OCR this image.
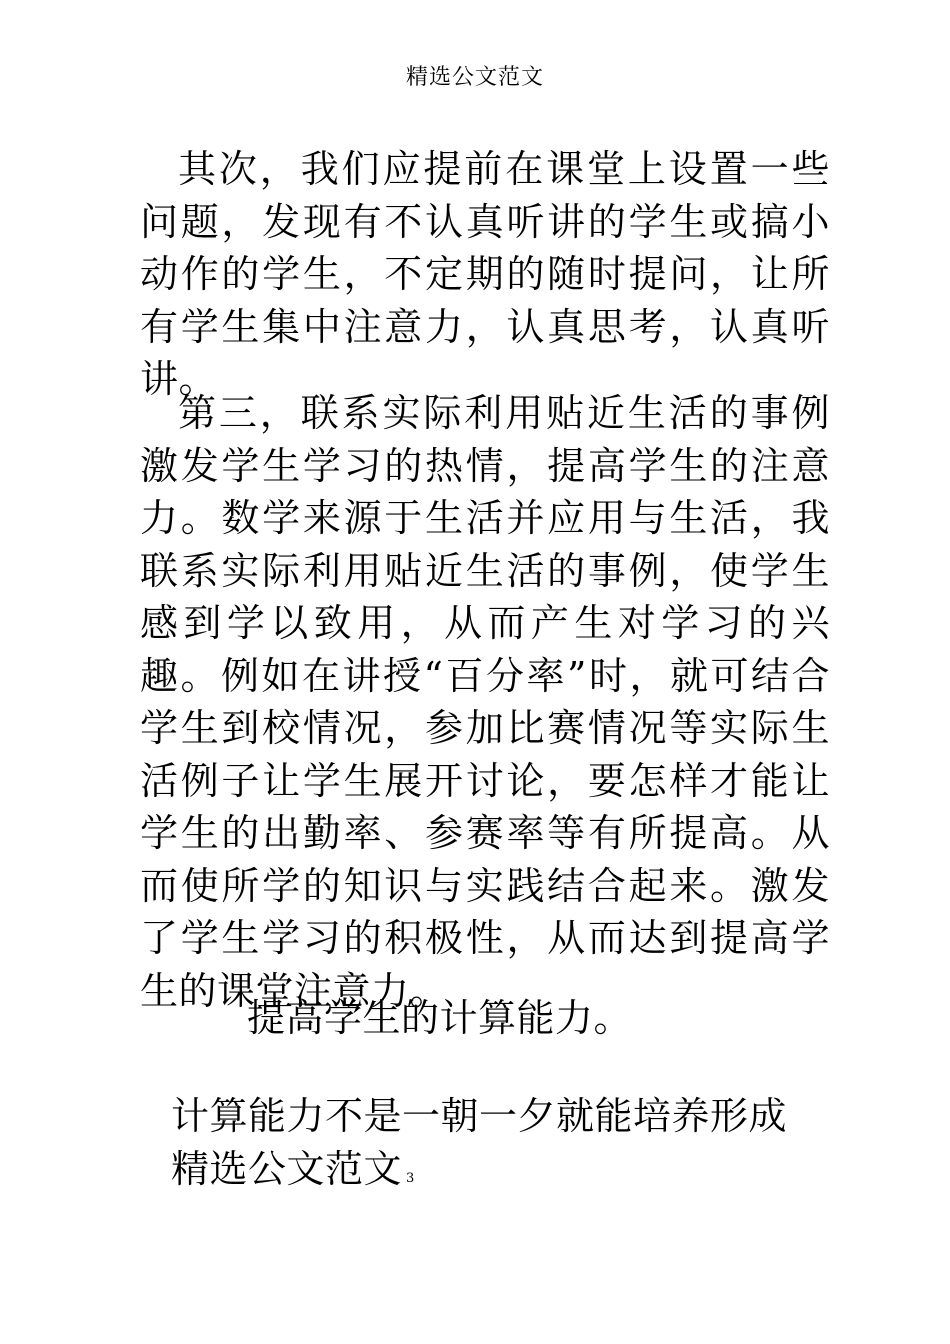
精选公文范文

其次，我们应提前在课堂上设置一些问题，发现有不认真听讲的学生或搞小动作的学生，不定期的随时提问，让所有学生集中注意力，认真思考，认真听讲。

第三，联系实际利用贴近生活的事例激发学生学习的热情，提高学生的注意力。数学来源于生活并应用与生活，我联系实际利用贴近生活的事例，使学生感到学以致用，从而产生对学习的兴趣。例如在讲授“百分率”时，就可结合学生到校情况，参加比赛情况等实际生活例子让学生展开讨论，要怎样才能让学生的出勤率、参赛率等有所提高。从而使所学的知识与实践结合起来。激发了学生学习的积极性，从而达到提高学生的课堂注意力。

提高学生的计算能力。

计算能力不是一朝一夕就能培养形成

精选公文范文 3
